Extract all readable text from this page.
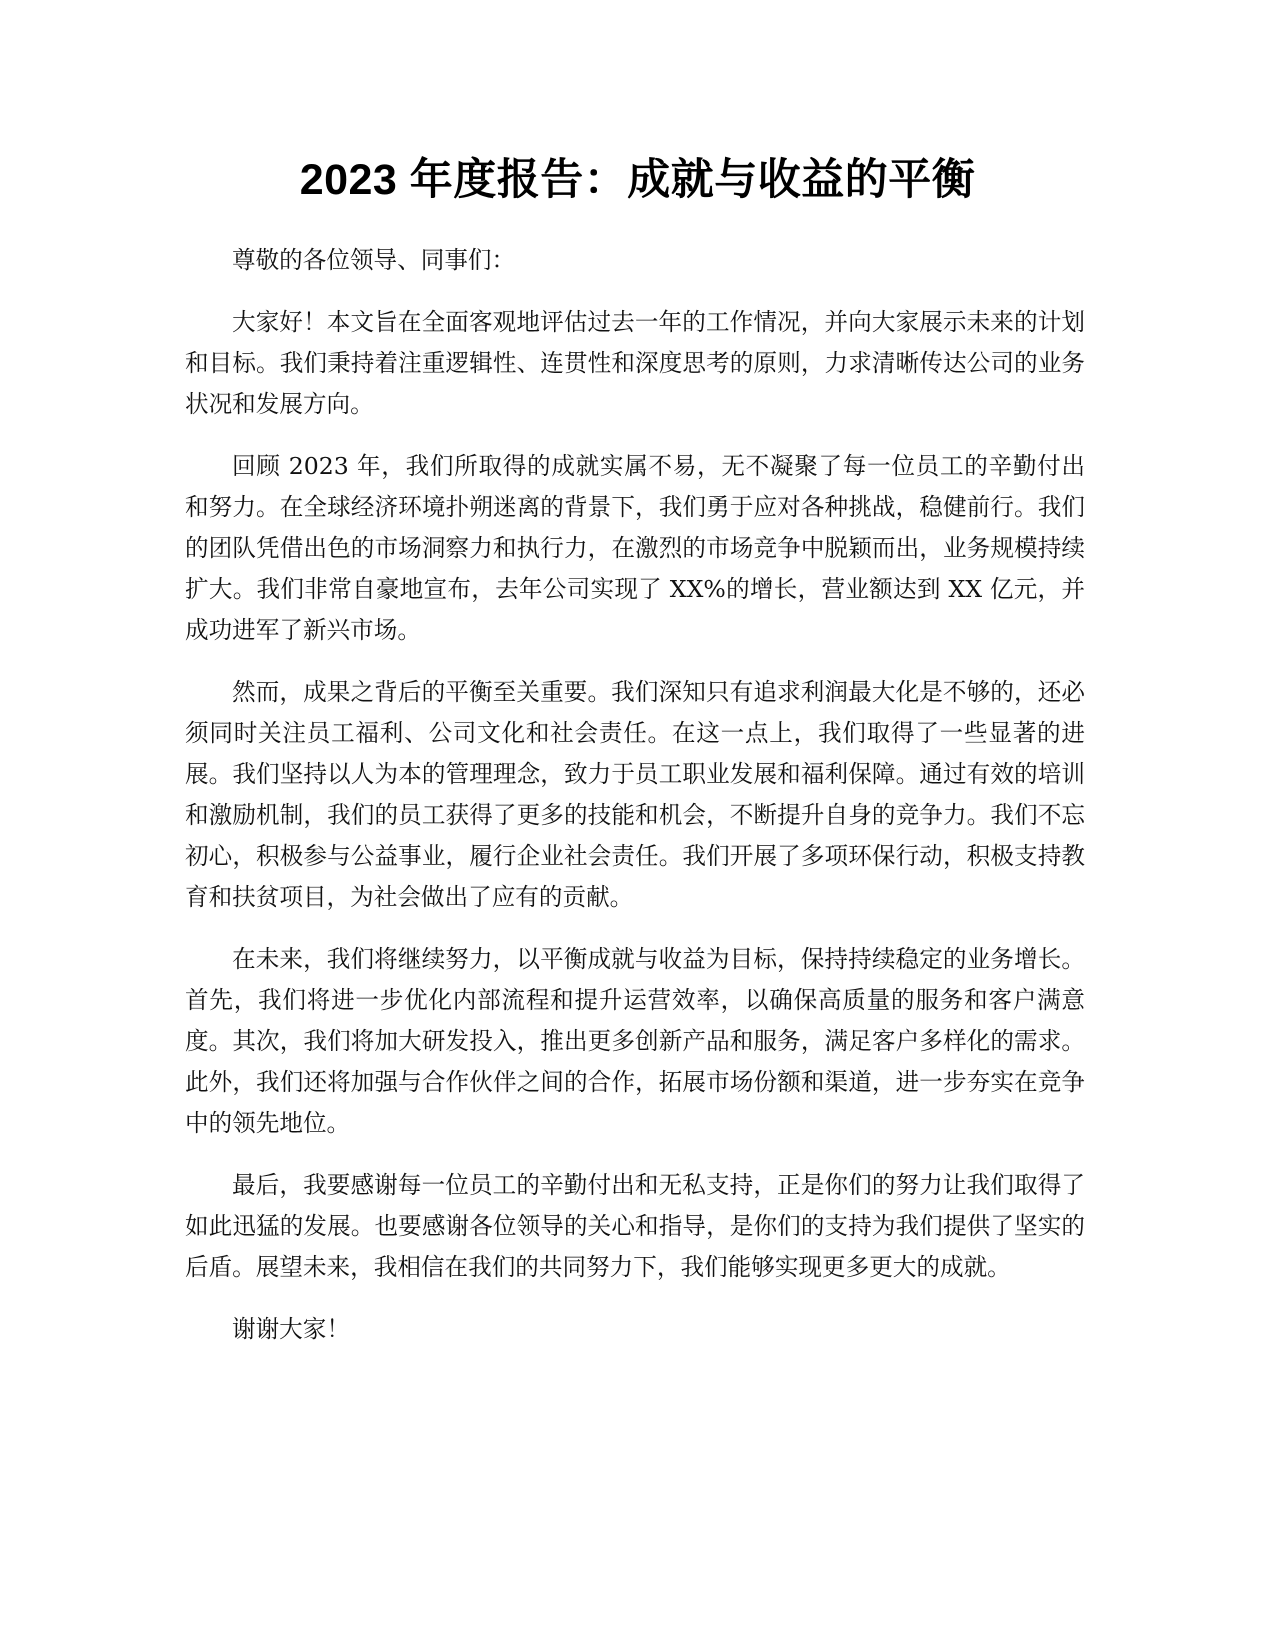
2023 年度报告：成就与收益的平衡

尊敬的各位领导、同事们：

大家好！本文旨在全面客观地评估过去一年的工作情况，并向大家展示未来的计划和目标。我们秉持着注重逻辑性、连贯性和深度思考的原则，力求清晰传达公司的业务状况和发展方向。

回顾 2023 年，我们所取得的成就实属不易，无不凝聚了每一位员工的辛勤付出和努力。在全球经济环境扑朔迷离的背景下，我们勇于应对各种挑战，稳健前行。我们的团队凭借出色的市场洞察力和执行力，在激烈的市场竞争中脱颖而出，业务规模持续扩大。我们非常自豪地宣布，去年公司实现了 XX%的增长，营业额达到 XX 亿元，并成功进军了新兴市场。

然而，成果之背后的平衡至关重要。我们深知只有追求利润最大化是不够的，还必须同时关注员工福利、公司文化和社会责任。在这一点上，我们取得了一些显著的进展。我们坚持以人为本的管理理念，致力于员工职业发展和福利保障。通过有效的培训和激励机制，我们的员工获得了更多的技能和机会，不断提升自身的竞争力。我们不忘初心，积极参与公益事业，履行企业社会责任。我们开展了多项环保行动，积极支持教育和扶贫项目，为社会做出了应有的贡献。

在未来，我们将继续努力，以平衡成就与收益为目标，保持持续稳定的业务增长。首先，我们将进一步优化内部流程和提升运营效率，以确保高质量的服务和客户满意度。其次，我们将加大研发投入，推出更多创新产品和服务，满足客户多样化的需求。此外，我们还将加强与合作伙伴之间的合作，拓展市场份额和渠道，进一步夯实在竞争中的领先地位。

最后，我要感谢每一位员工的辛勤付出和无私支持，正是你们的努力让我们取得了如此迅猛的发展。也要感谢各位领导的关心和指导，是你们的支持为我们提供了坚实的后盾。展望未来，我相信在我们的共同努力下，我们能够实现更多更大的成就。

谢谢大家！
